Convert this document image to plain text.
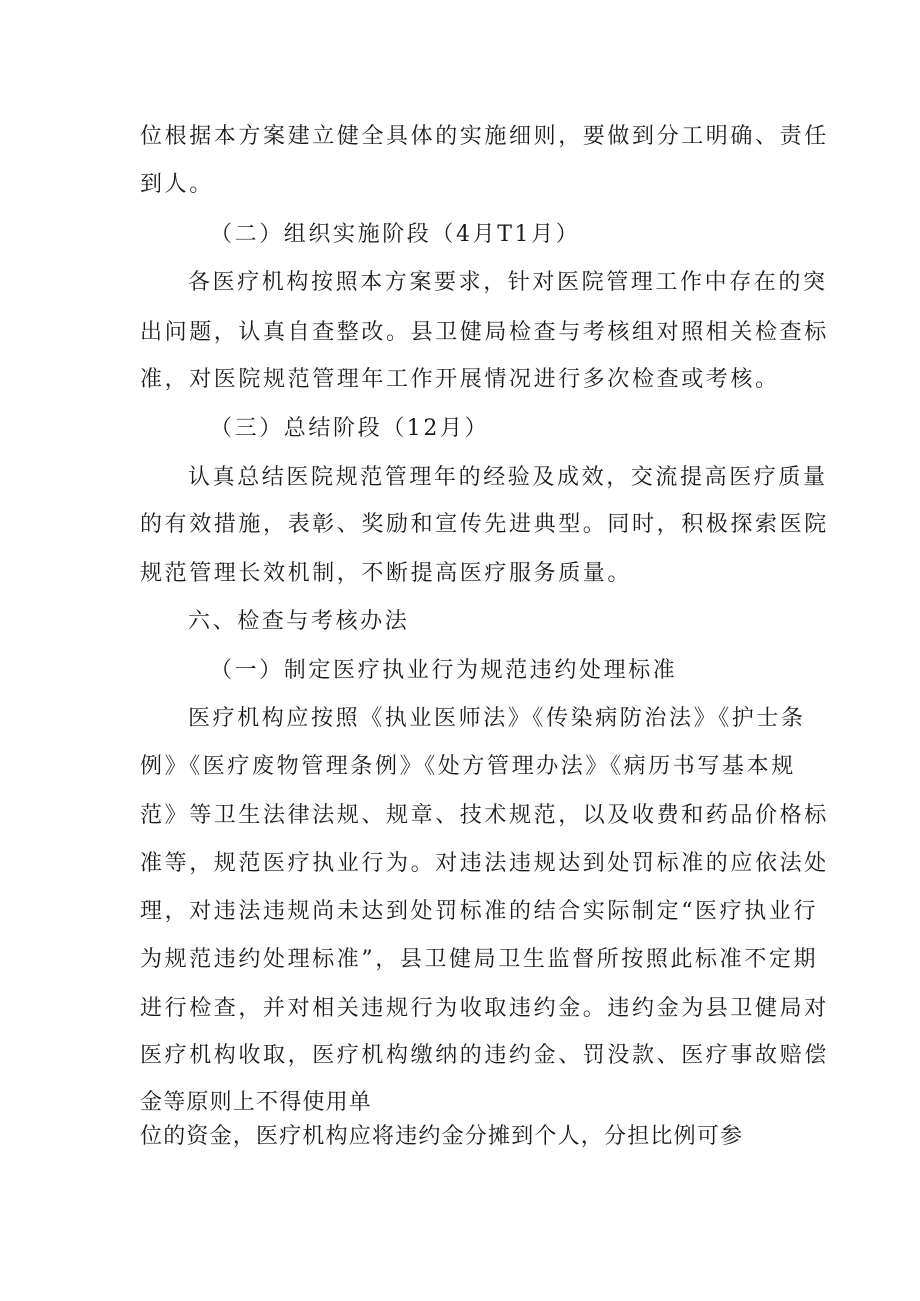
位根据本方案建立健全具体的实施细则，要做到分工明确、责任
到人。
（二）组织实施阶段（4月T1月）
各医疗机构按照本方案要求，针对医院管理工作中存在的突
出问题，认真自查整改。县卫健局检查与考核组对照相关检查标
准，对医院规范管理年工作开展情况进行多次检查或考核。
（三）总结阶段（12月）
认真总结医院规范管理年的经验及成效，交流提高医疗质量
的有效措施，表彰、奖励和宣传先进典型。同时，积极探索医院
规范管理长效机制，不断提高医疗服务质量。
六、检查与考核办法
（一）制定医疗执业行为规范违约处理标准
医疗机构应按照《执业医师法》《传染病防治法》《护士条
例》《医疗废物管理条例》《处方管理办法》《病历书写基本规
范》等卫生法律法规、规章、技术规范，以及收费和药品价格标
准等，规范医疗执业行为。对违法违规达到处罚标准的应依法处
理，对违法违规尚未达到处罚标准的结合实际制定“医疗执业行
为规范违约处理标准”，县卫健局卫生监督所按照此标准不定期
进行检查，并对相关违规行为收取违约金。违约金为县卫健局对
医疗机构收取，医疗机构缴纳的违约金、罚没款、医疗事故赔偿
金等原则上不得使用单
位的资金，医疗机构应将违约金分摊到个人，分担比例可参
